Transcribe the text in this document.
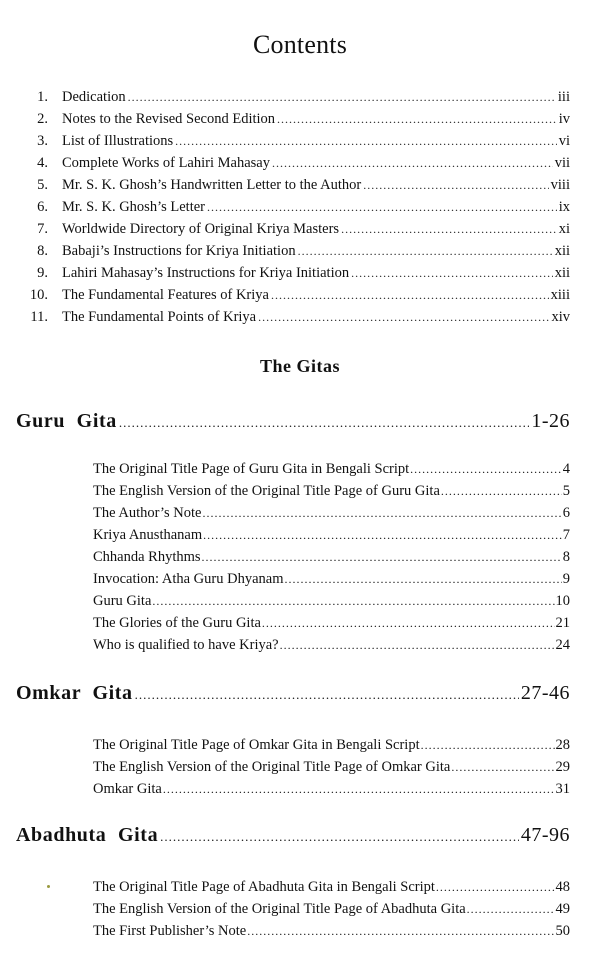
Contents
1. Dedication .....	iii
2. Notes to the Revised Second Edition .....	iv
3. List of Illustrations .....	vi
4. Complete Works of Lahiri Mahasay .....	vii
5. Mr. S. K. Ghosh’s Handwritten Letter to the Author .....	viii
6. Mr. S. K. Ghosh’s Letter .....	ix
7. Worldwide Directory of Original Kriya Masters .....	xi
8. Babaji’s Instructions for Kriya Initiation .....	xii
9. Lahiri Mahasay’s Instructions for Kriya Initiation .....	xii
10. The Fundamental Features of Kriya .....	xiii
11. The Fundamental Points of Kriya .....	xiv
The Gitas
Guru Gita .....	1-26
The Original Title Page of Guru Gita in Bengali Script .....	4
The English Version of the Original Title Page of Guru Gita .....	5
The Author’s Note .....	6
Kriya Anusthanam .....	7
Chhanda Rhythms .....	8
Invocation: Atha Guru Dhyanam .....	9
Guru Gita .....	10
The Glories of the Guru Gita .....	21
Who is qualified to have Kriya? .....	24
Omkar Gita .....	27-46
The Original Title Page of Omkar Gita in Bengali Script .....	28
The English Version of the Original Title Page of Omkar Gita .....	29
Omkar Gita .....	31
Abadhuta Gita .....	47-96
The Original Title Page of Abadhuta Gita in Bengali Script .....	48
The English Version of the Original Title Page of Abadhuta Gita .....	49
The First Publisher’s Note .....	50
